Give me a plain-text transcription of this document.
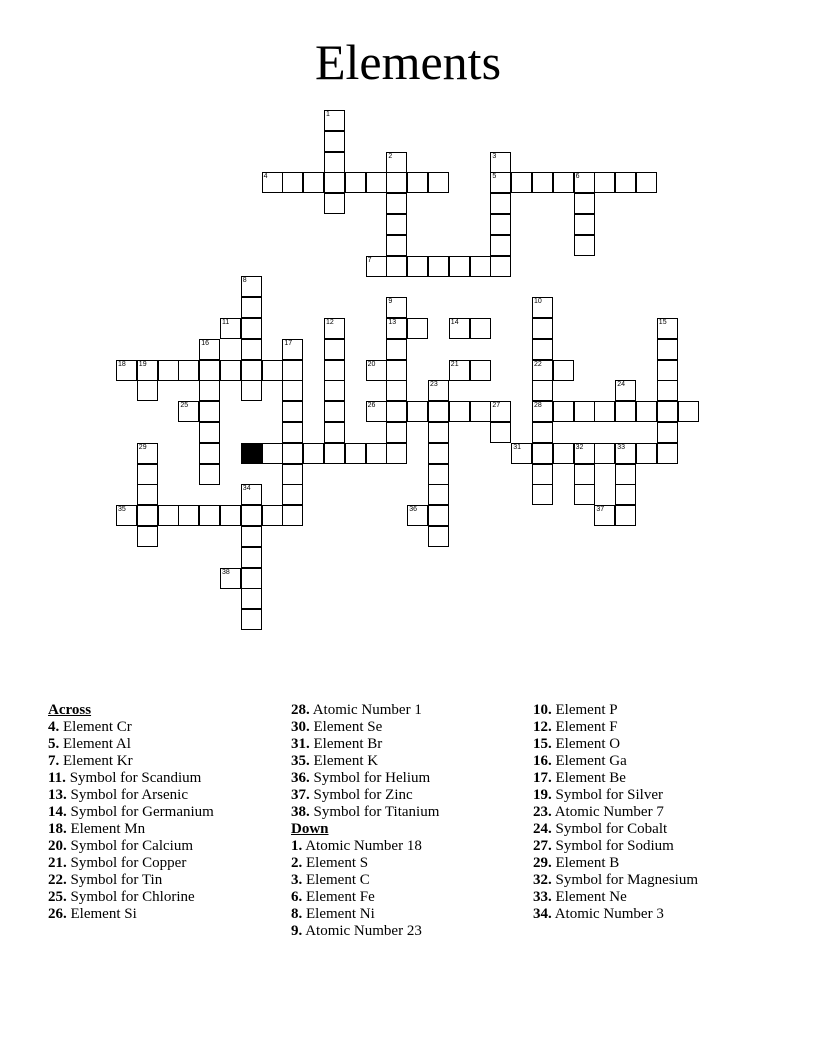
Elements
4	5	6
7
11	13	14
18 19	20	21	22
25	26	27	28
30	31	32	33
35	36	37
38
1
2	3
8
9	10
12	15
16	17
23	24
29
34
Across
4. Element Cr
5. Element Al
7. Element Kr
11. Symbol for Scandium
13. Symbol for Arsenic
14. Symbol for Germanium
18. Element Mn
20. Symbol for Calcium
21. Symbol for Copper
22. Symbol for Tin
25. Symbol for Chlorine
26. Element Si
28. Atomic Number 1
30. Element Se
31. Element Br
35. Element K
36. Symbol for Helium
37. Symbol for Zinc
38. Symbol for Titanium
Down
1. Atomic Number 18
2. Element S
3. Element C
6. Element Fe
8. Element Ni
9. Atomic Number 23
10. Element P
12. Element F
15. Element O
16. Element Ga
17. Element Be
19. Symbol for Silver
23. Atomic Number 7
24. Symbol for Cobalt
27. Symbol for Sodium
29. Element B
32. Symbol for Magnesium
33. Element Ne
34. Atomic Number 3
